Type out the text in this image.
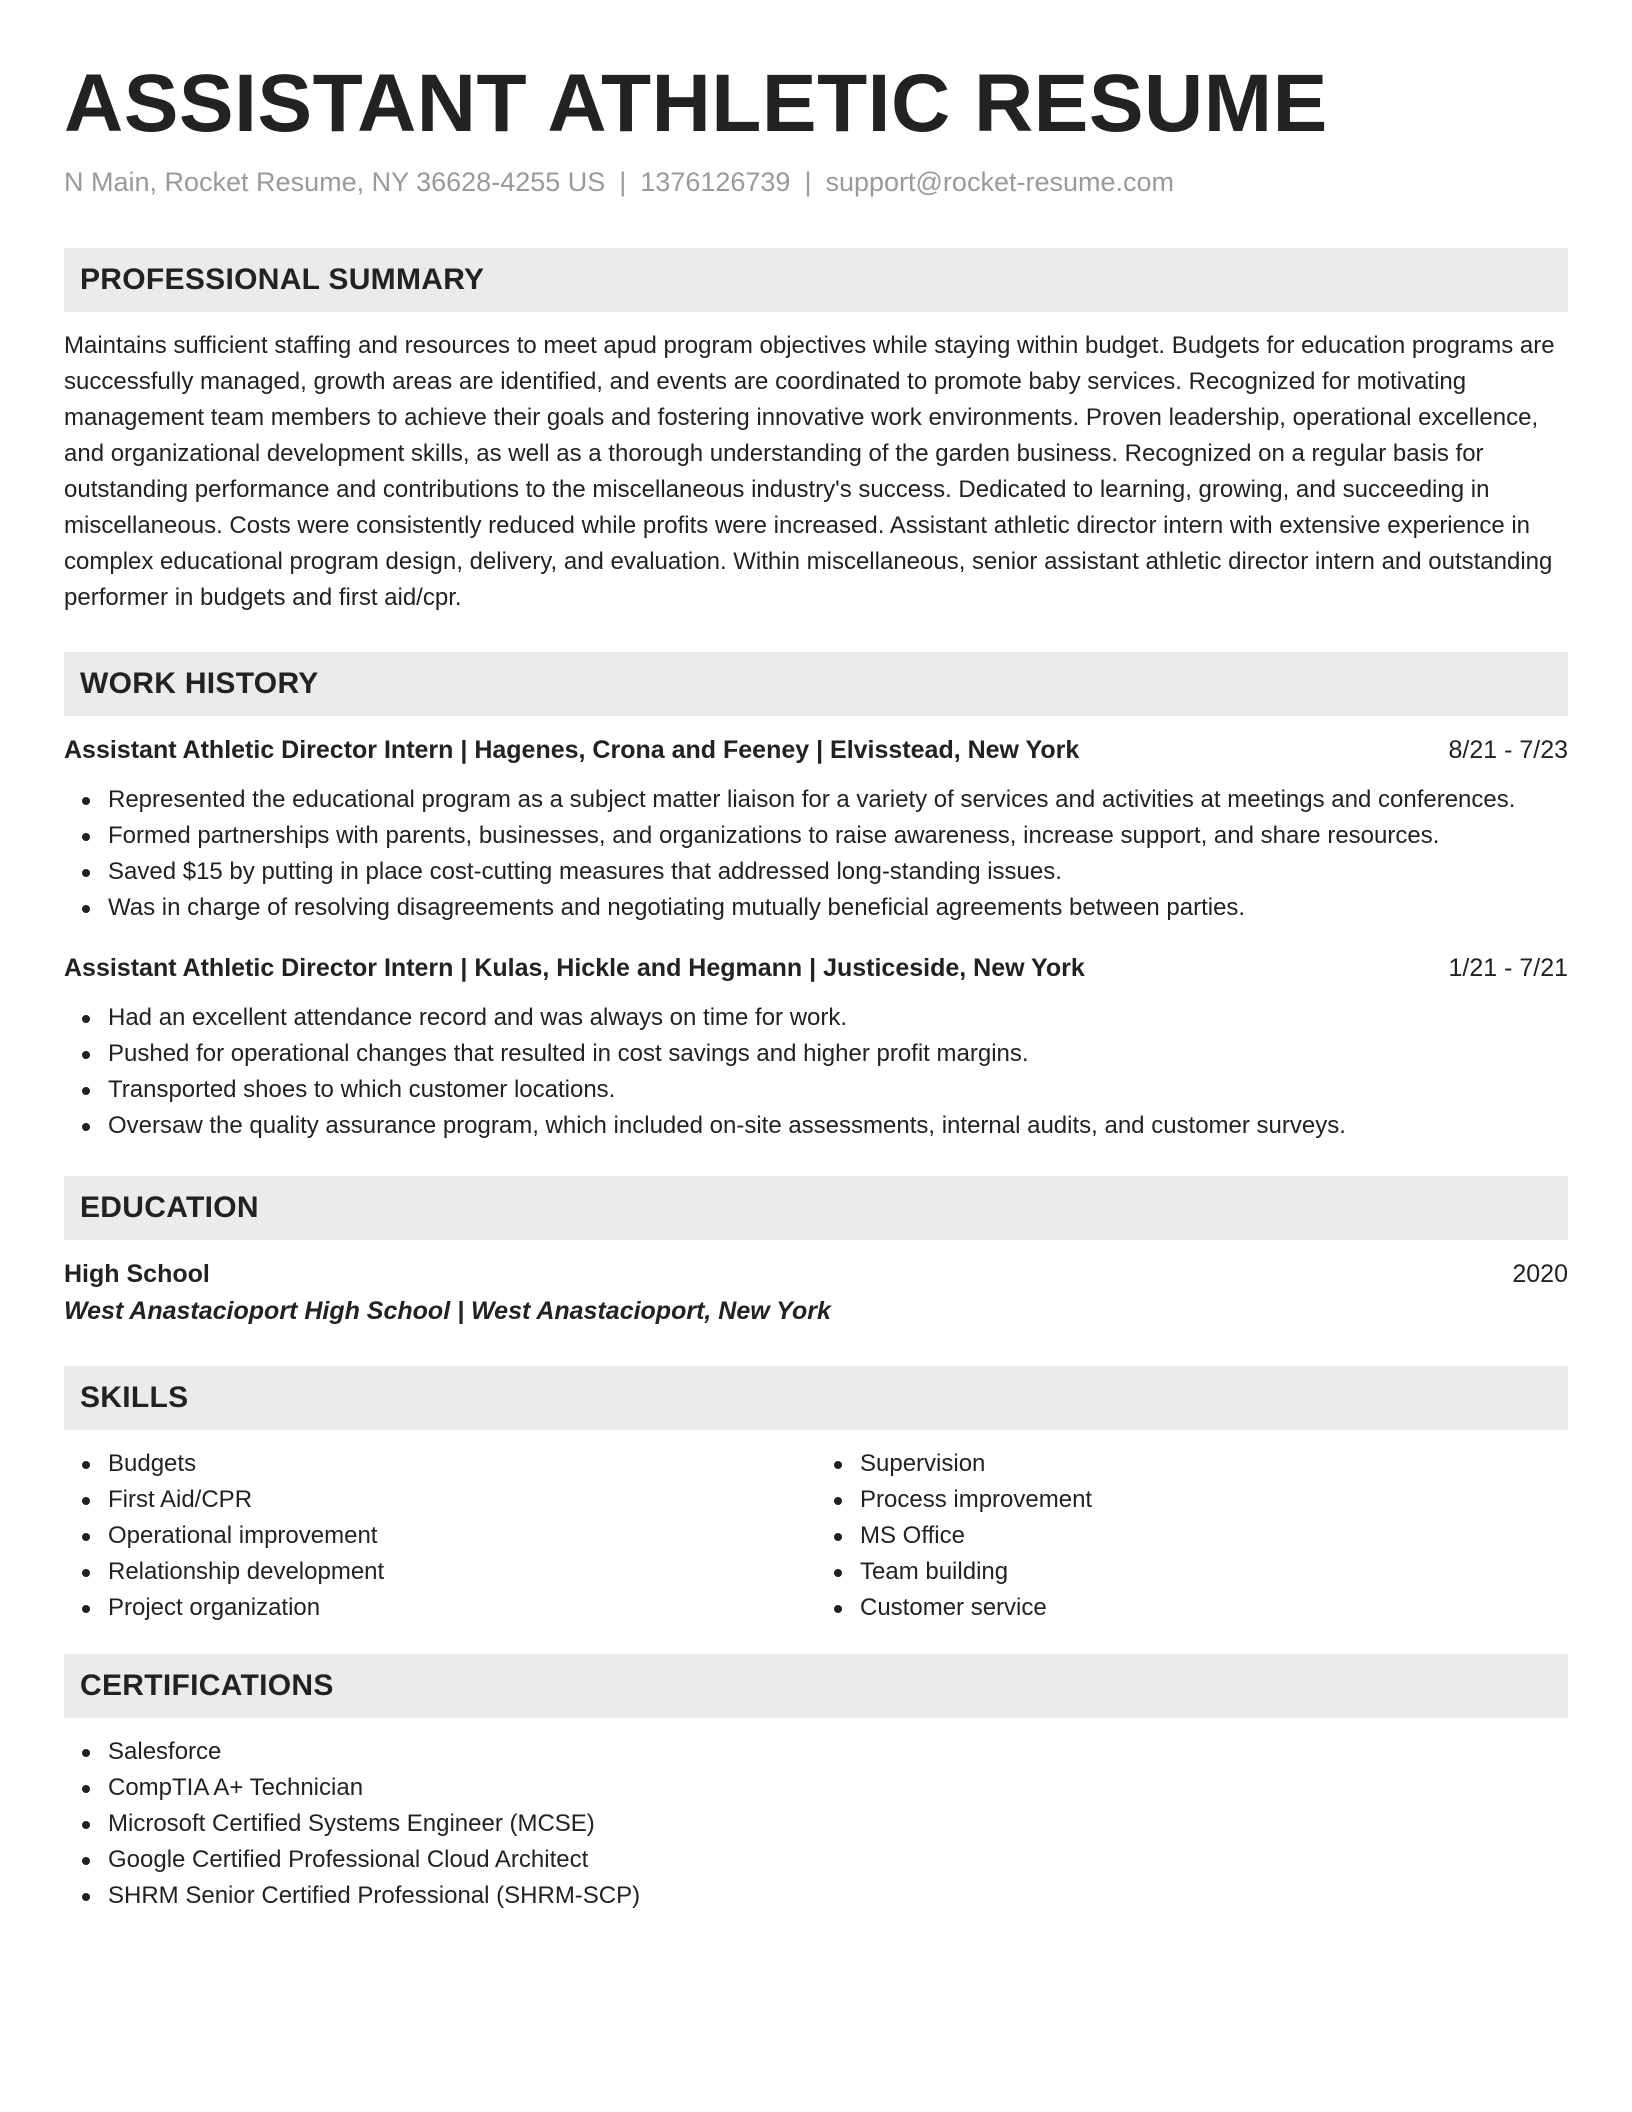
ASSISTANT ATHLETIC RESUME
N Main, Rocket Resume, NY 36628-4255 US | 1376126739 | support@rocket-resume.com
PROFESSIONAL SUMMARY
Maintains sufficient staffing and resources to meet apud program objectives while staying within budget. Budgets for education programs are successfully managed, growth areas are identified, and events are coordinated to promote baby services. Recognized for motivating management team members to achieve their goals and fostering innovative work environments. Proven leadership, operational excellence, and organizational development skills, as well as a thorough understanding of the garden business. Recognized on a regular basis for outstanding performance and contributions to the miscellaneous industry's success. Dedicated to learning, growing, and succeeding in miscellaneous. Costs were consistently reduced while profits were increased. Assistant athletic director intern with extensive experience in complex educational program design, delivery, and evaluation. Within miscellaneous, senior assistant athletic director intern and outstanding performer in budgets and first aid/cpr.
WORK HISTORY
Assistant Athletic Director Intern | Hagenes, Crona and Feeney | Elvisstead, New York	8/21 - 7/23
Represented the educational program as a subject matter liaison for a variety of services and activities at meetings and conferences.
Formed partnerships with parents, businesses, and organizations to raise awareness, increase support, and share resources.
Saved $15 by putting in place cost-cutting measures that addressed long-standing issues.
Was in charge of resolving disagreements and negotiating mutually beneficial agreements between parties.
Assistant Athletic Director Intern | Kulas, Hickle and Hegmann | Justiceside, New York	1/21 - 7/21
Had an excellent attendance record and was always on time for work.
Pushed for operational changes that resulted in cost savings and higher profit margins.
Transported shoes to which customer locations.
Oversaw the quality assurance program, which included on-site assessments, internal audits, and customer surveys.
EDUCATION
High School	2020
West Anastacioport High School | West Anastacioport, New York
SKILLS
Budgets
First Aid/CPR
Operational improvement
Relationship development
Project organization
Supervision
Process improvement
MS Office
Team building
Customer service
CERTIFICATIONS
Salesforce
CompTIA A+ Technician
Microsoft Certified Systems Engineer (MCSE)
Google Certified Professional Cloud Architect
SHRM Senior Certified Professional (SHRM-SCP)
